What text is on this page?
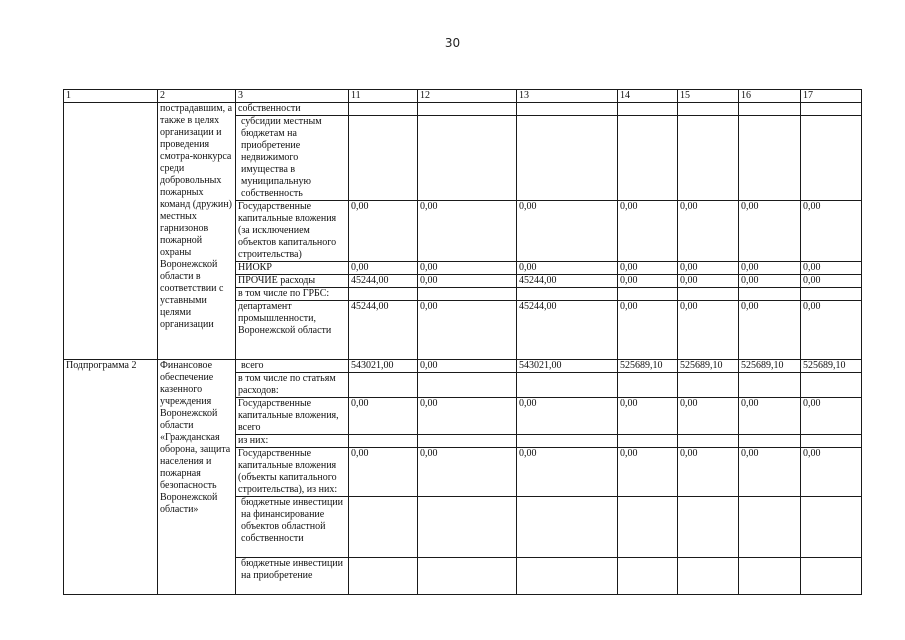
30
1	2	3	11	12	13	14	15	16	17
	пострадавшим, а также в целях организации и проведения смотра-конкурса среди добровольных пожарных команд (дружин) местных гарнизонов пожарной охраны Воронежской области в соответствии с уставными целями организации	собственности							
		субсидии местным бюджетам на приобретение недвижимого имущества в муниципальную собственность							
		Государственные капитальные вложения (за исключением объектов капитального строительства)	0,00	0,00	0,00	0,00	0,00	0,00	0,00
		НИОКР	0,00	0,00	0,00	0,00	0,00	0,00	0,00
		ПРОЧИЕ расходы	45244,00	0,00	45244,00	0,00	0,00	0,00	0,00
		в том числе по ГРБС:							
		департамент промышленности, Воронежской области	45244,00	0,00	45244,00	0,00	0,00	0,00	0,00
Подпрограмма 2	Финансовое обеспечение казенного учреждения Воронежской области «Гражданская оборона, защита населения и пожарная безопасность Воронежской области»	всего	543021,00	0,00	543021,00	525689,10	525689,10	525689,10	525689,10
		в том числе по статьям расходов:							
		Государственные капитальные вложения, всего	0,00	0,00	0,00	0,00	0,00	0,00	0,00
		из них:							
		Государственные капитальные вложения (объекты капитального строительства), из них:	0,00	0,00	0,00	0,00	0,00	0,00	0,00
		бюджетные инвестиции на финансирование объектов областной собственности							
		бюджетные инвестиции на приобретение							
